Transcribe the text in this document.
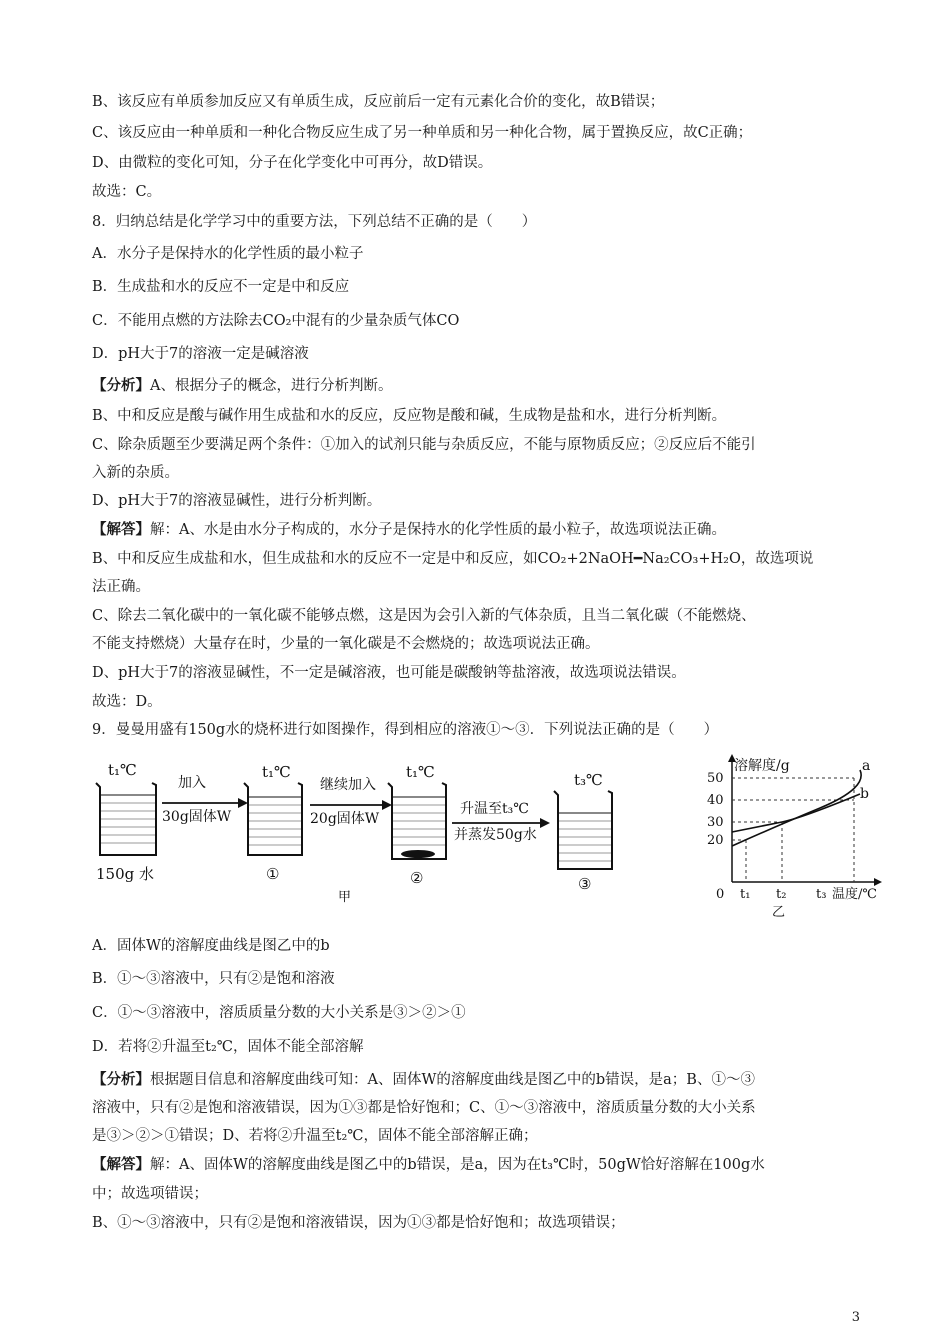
B、该反应有单质参加反应又有单质生成，反应前后一定有元素化合价的变化，故B错误；
C、该反应由一种单质和一种化合物反应生成了另一种单质和另一种化合物，属于置换反应，故C正确；
D、由微粒的变化可知，分子在化学变化中可再分，故D错误。
故选：C。
8．归纳总结是化学学习中的重要方法，下列总结不正确的是（　　）
A．水分子是保持水的化学性质的最小粒子
B．生成盐和水的反应不一定是中和反应
C．不能用点燃的方法除去CO₂中混有的少量杂质气体CO
D．pH大于7的溶液一定是碱溶液
【分析】A、根据分子的概念，进行分析判断。
B、中和反应是酸与碱作用生成盐和水的反应，反应物是酸和碱，生成物是盐和水，进行分析判断。
C、除杂质题至少要满足两个条件：①加入的试剂只能与杂质反应，不能与原物质反应；②反应后不能引
入新的杂质。
D、pH大于7的溶液显碱性，进行分析判断。
【解答】解：A、水是由水分子构成的，水分子是保持水的化学性质的最小粒子，故选项说法正确。
B、中和反应生成盐和水，但生成盐和水的反应不一定是中和反应，如CO₂+2NaOH━Na₂CO₃+H₂O，故选项说
法正确。
C、除去二氧化碳中的一氧化碳不能够点燃，这是因为会引入新的气体杂质，且当二氧化碳（不能燃烧、
不能支持燃烧）大量存在时，少量的一氧化碳是不会燃烧的；故选项说法正确。
D、pH大于7的溶液显碱性，不一定是碱溶液，也可能是碳酸钠等盐溶液，故选项说法错误。
故选：D。
9．曼曼用盛有150g水的烧杯进行如图操作，得到相应的溶液①～③．下列说法正确的是（　　）
t₁℃
150g 水
加入
30g固体W
t₁℃
①
继续加入
20g固体W
t₁℃
②
升温至t₃℃
并蒸发50g水
t₃℃
③
甲
溶解度/g
50
40
30
20
a
b
0 t₁ t₂ t₃ 温度/℃
乙
A．固体W的溶解度曲线是图乙中的b
B．①～③溶液中，只有②是饱和溶液
C．①～③溶液中，溶质质量分数的大小关系是③＞②＞①
D．若将②升温至t₂℃，固体不能全部溶解
【分析】根据题目信息和溶解度曲线可知：A、固体W的溶解度曲线是图乙中的b错误，是a；B、①～③
溶液中，只有②是饱和溶液错误，因为①③都是恰好饱和；C、①～③溶液中，溶质质量分数的大小关系
是③＞②＞①错误；D、若将②升温至t₂℃，固体不能全部溶解正确；
【解答】解：A、固体W的溶解度曲线是图乙中的b错误，是a，因为在t₃℃时，50gW恰好溶解在100g水
中；故选项错误；
B、①～③溶液中，只有②是饱和溶液错误，因为①③都是恰好饱和；故选项错误；
3
